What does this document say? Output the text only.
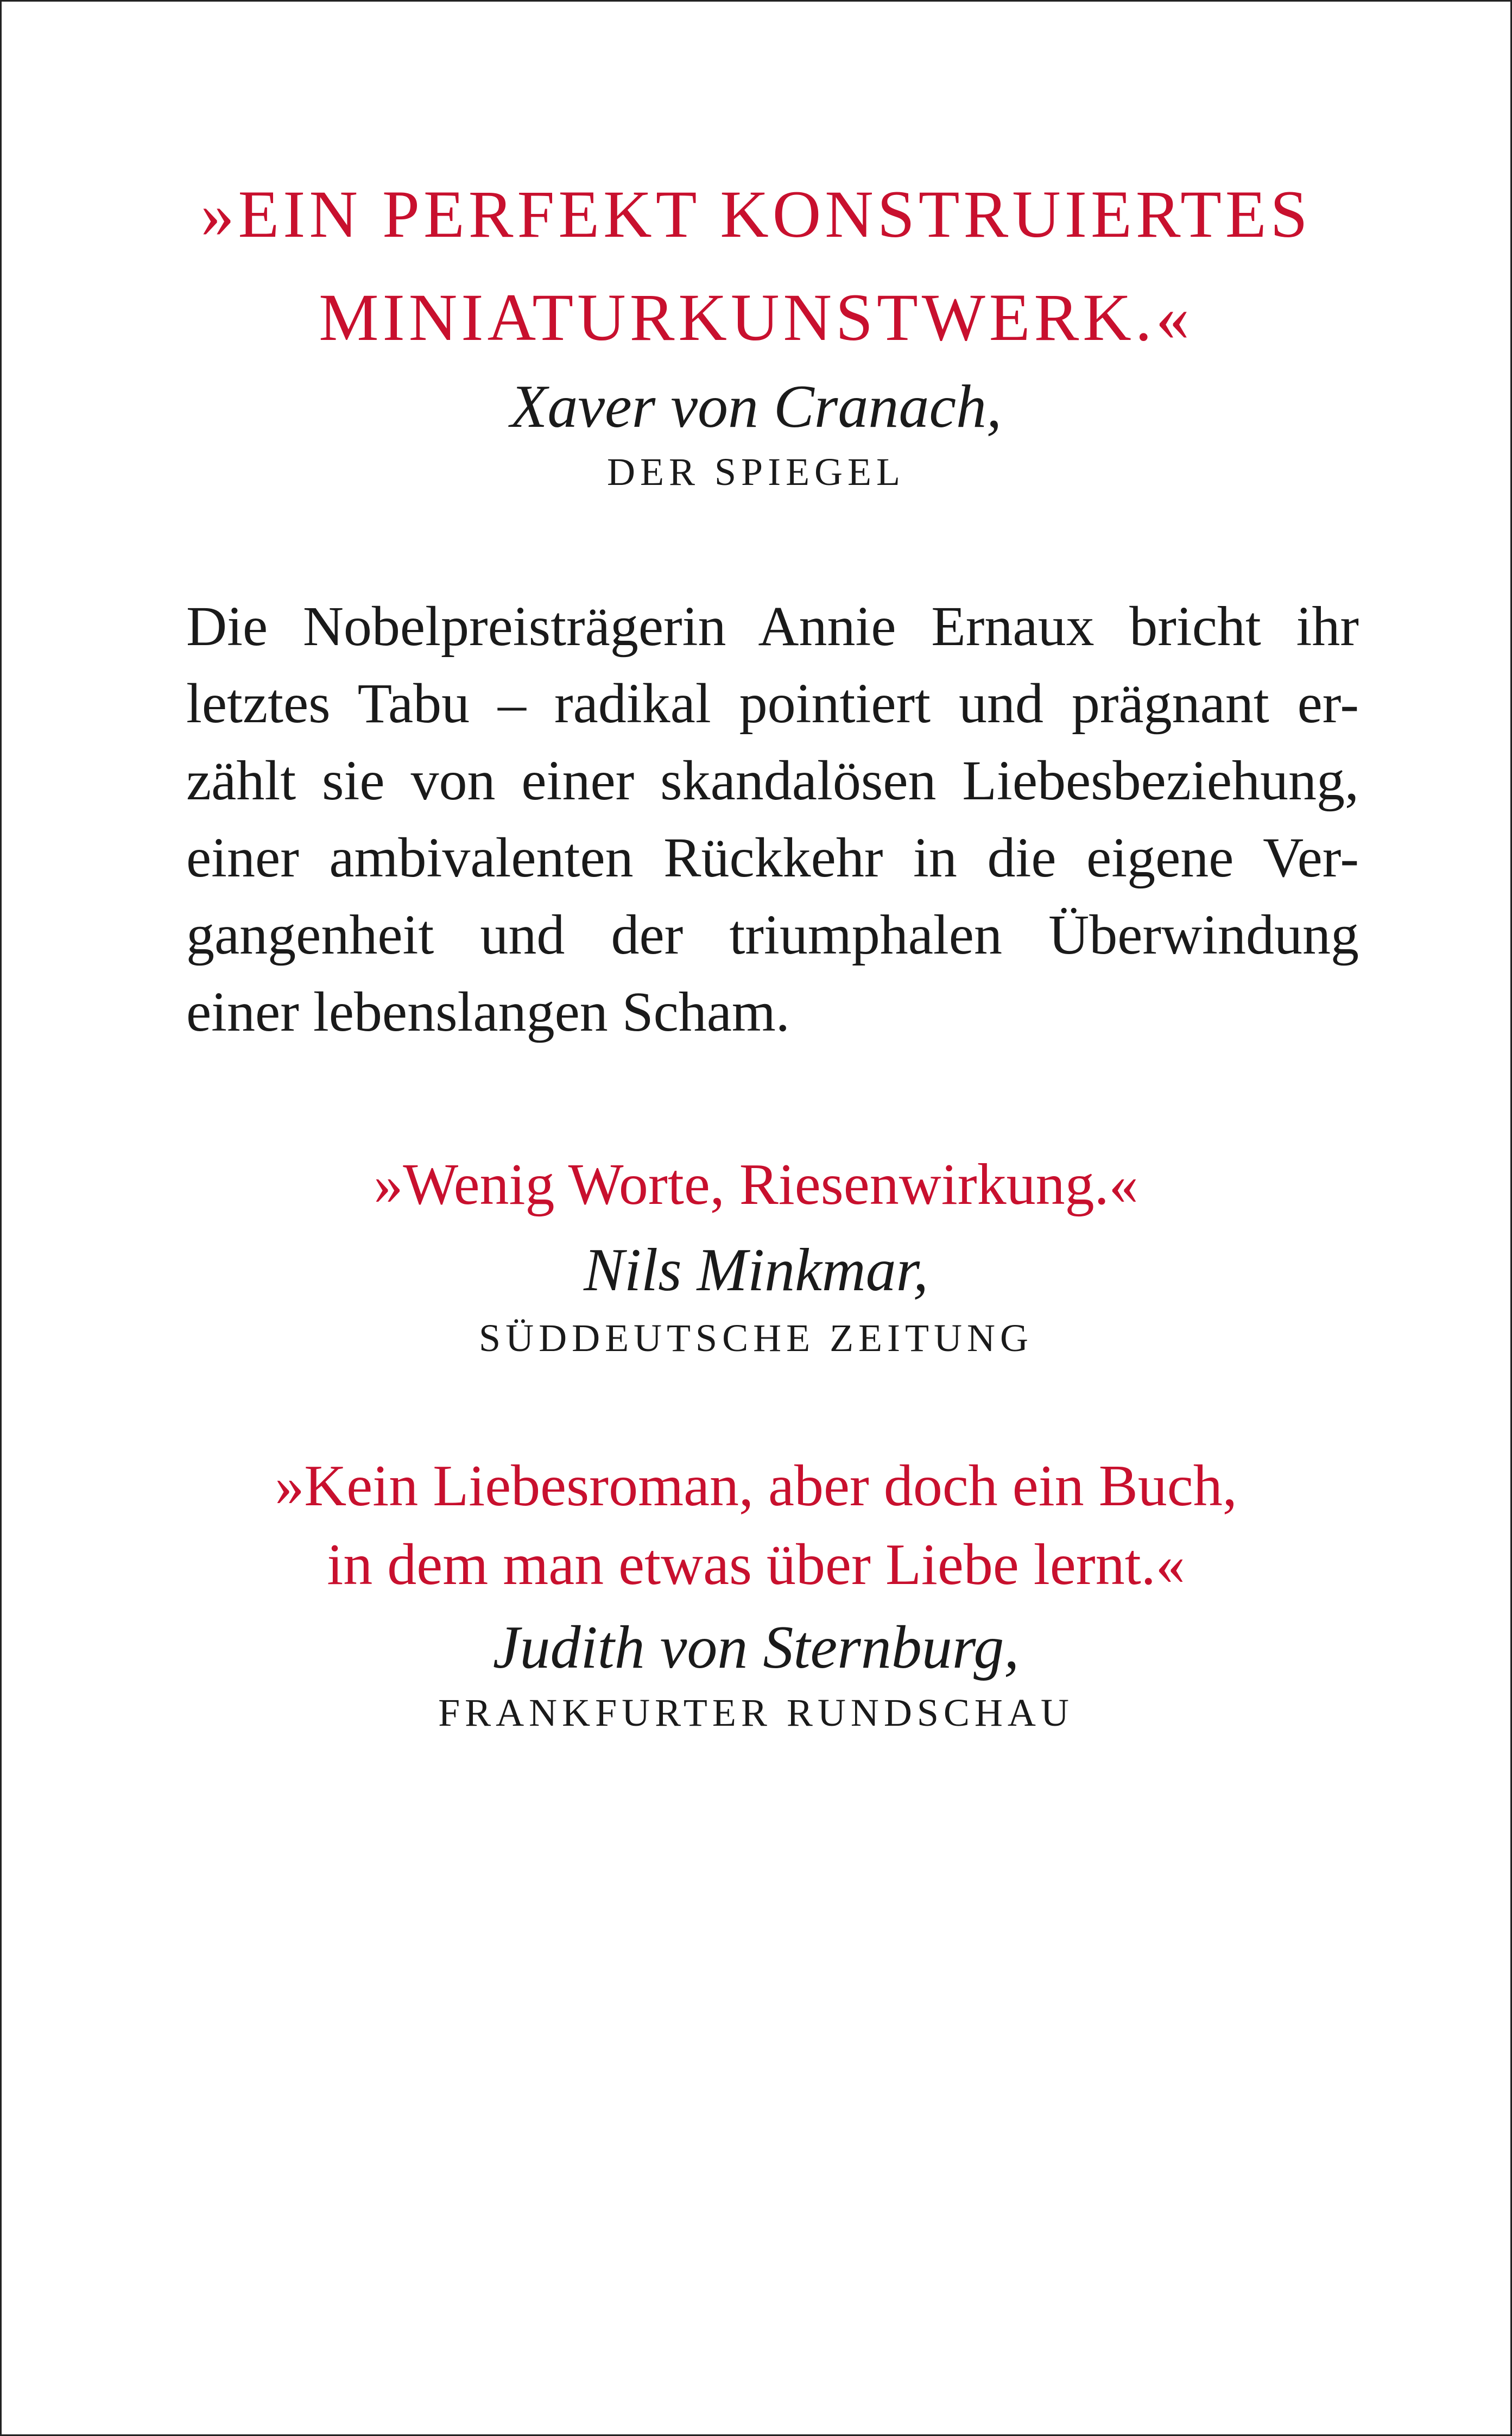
»EIN PERFEKT KONSTRUIERTES
MINIATURKUNSTWERK.«
Xaver von Cranach,
DER SPIEGEL
Die Nobelpreisträgerin Annie Ernaux bricht ihr
letztes Tabu – radikal pointiert und prägnant er-
zählt sie von einer skandalösen Liebesbeziehung,
einer ambivalenten Rückkehr in die eigene Ver-
gangenheit und der triumphalen Überwindung
einer lebenslangen Scham.
»Wenig Worte, Riesenwirkung.«
Nils Minkmar,
SÜDDEUTSCHE ZEITUNG
»Kein Liebesroman, aber doch ein Buch,
in dem man etwas über Liebe lernt.«
Judith von Sternburg,
FRANKFURTER RUNDSCHAU
